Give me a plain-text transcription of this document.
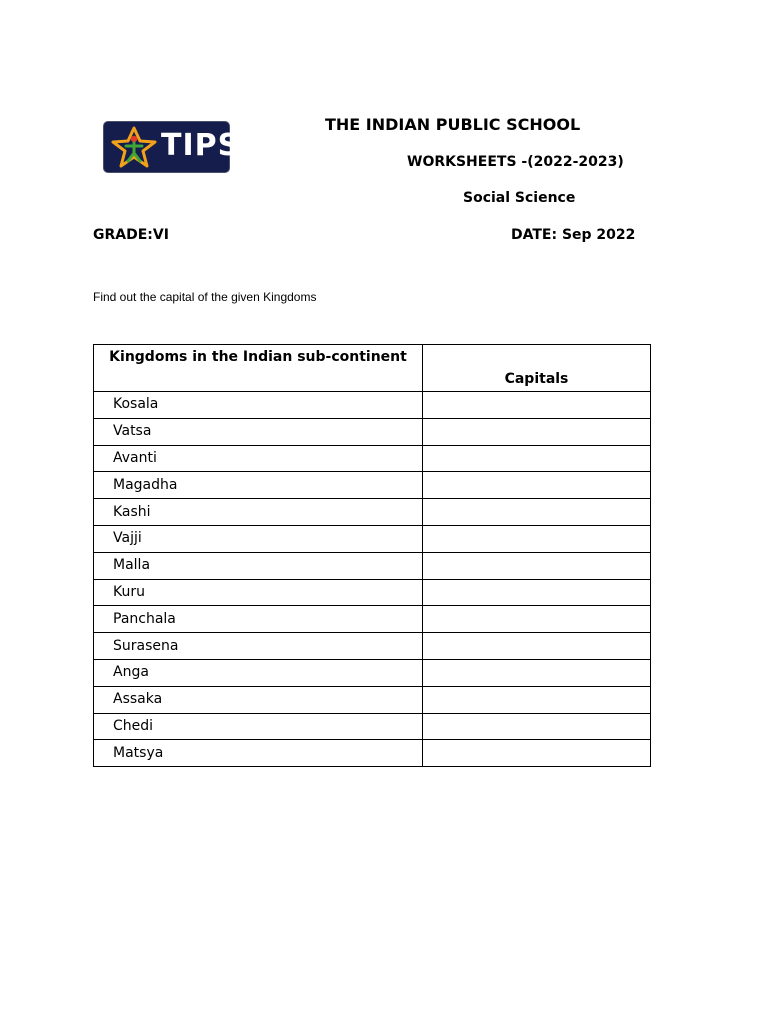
TIPS
THE INDIAN PUBLIC SCHOOL
WORKSHEETS -(2022-2023)
Social Science
GRADE:VI	DATE: Sep 2022
Find out the capital of the given Kingdoms
Kingdoms in the Indian sub-continent	Capitals
Kosala	
Vatsa	
Avanti	
Magadha	
Kashi	
Vajji	
Malla	
Kuru	
Panchala	
Surasena	
Anga	
Assaka	
Chedi	
Matsya	
